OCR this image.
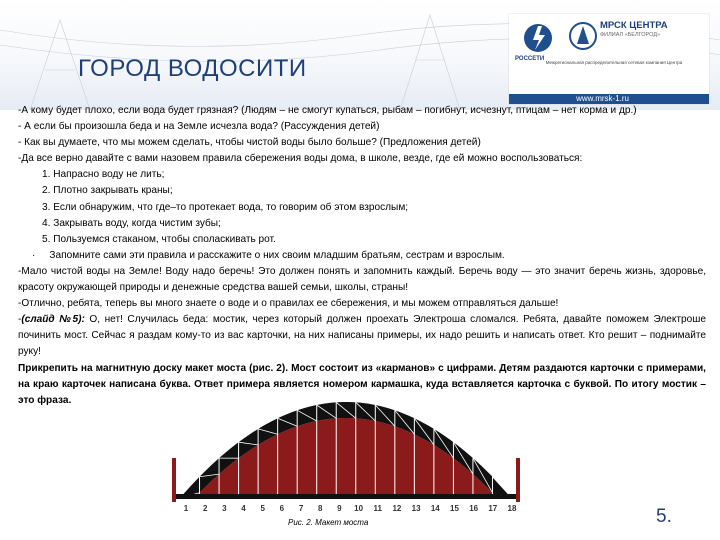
ГОРОД ВОДОСИТИ	РОССЕТИ
МРСК ЦЕНТРА
ФИЛИАЛ «БЕЛГОРОД»
Межрегиональная распределительная сетевая компания Центра
www.mrsk-1.ru

-А кому будет плохо, если вода будет грязная? (Людям – не смогут купаться, рыбам – погибнут, исчезнут, птицам – нет корма и др.)

- А если бы произошла беда и на Земле исчезла вода? (Рассуждения детей)

- Как вы думаете, что мы можем сделать, чтобы чистой воды было больше? (Предложения детей)

-Да все верно давайте с вами назовем правила сбережения воды дома, в школе, везде, где ей можно воспользоваться:

1. Напрасно воду не лить;

2. Плотно закрывать краны;

3. Если обнаружим, что где–то протекает вода, то говорим об этом взрослым;

4. Закрывать воду, когда чистим зубы;

5. Пользуемся стаканом, чтобы споласкивать рот.

· Запомните сами эти правила и расскажите о них своим младшим братьям, сестрам и взрослым.

-Мало чистой воды на Земле! Воду надо беречь! Это должен понять и запомнить каждый. Беречь воду — это значит беречь жизнь, здоровье, красоту окружающей природы и денежные средства вашей семьи, школы, страны!

-Отлично, ребята, теперь вы много знаете о воде и о правилах ее сбережения, и мы можем отправляться дальше!

-(слайд №5): О, нет! Случилась беда: мостик, через который должен проехать Электроша сломался. Ребята, давайте поможем Электроше починить мост. Сейчас я раздам кому-то из вас карточки, на них написаны примеры, их надо решить и написать ответ. Кто решит – поднимайте руку!

Прикрепить на магнитную доску макет моста (рис. 2). Мост состоит из «карманов» с цифрами. Детям раздаются карточки с примерами, на краю карточек написана буква. Ответ примера является номером кармашка, куда вставляется карточка с буквой. По итогу мостик – это фраза.

1 2 3 4 5 6 7 8 9 10 11 12 13 14 15 16 17 18
Рис. 2. Макет моста	5.
